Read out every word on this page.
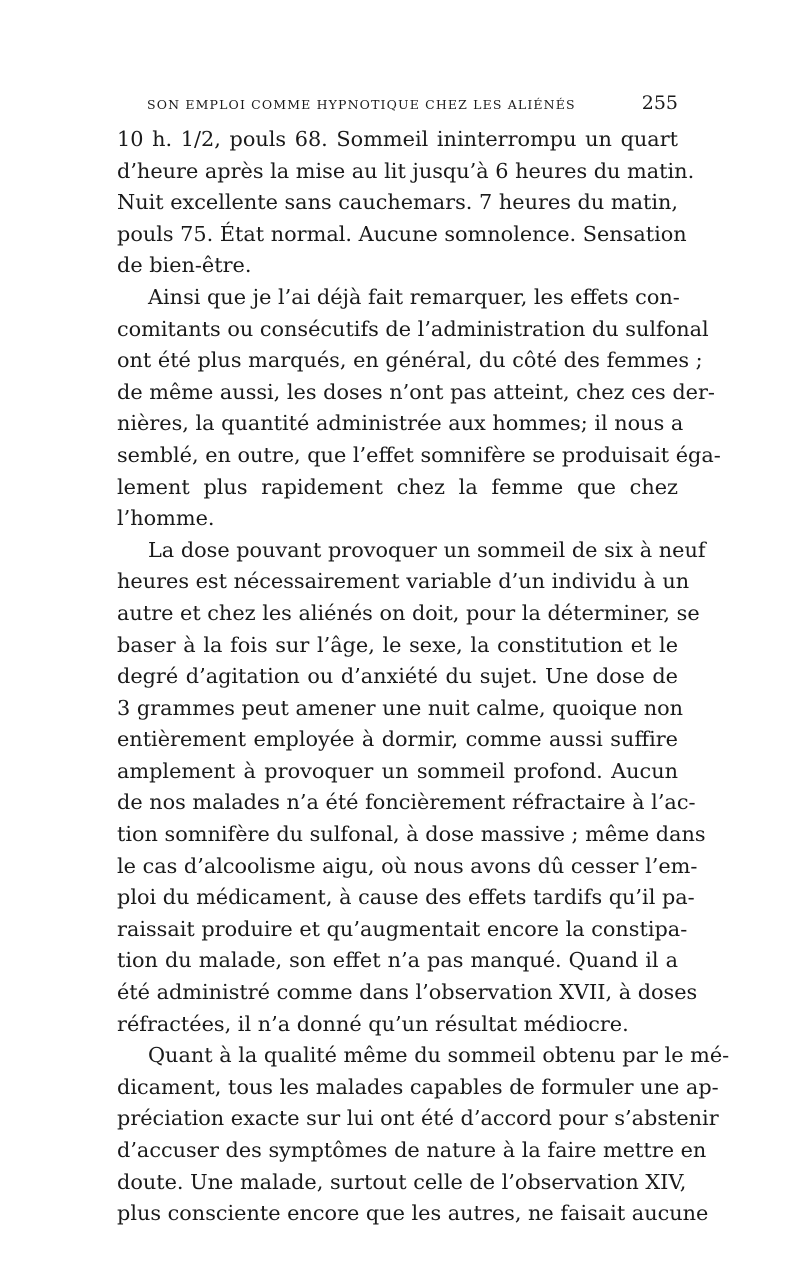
SON EMPLOI COMME HYPNOTIQUE CHEZ LES ALIÉNÉS	255
10 h. 1/2, pouls 68. Sommeil ininterrompu un quart
d’heure après la mise au lit jusqu’à 6 heures du matin.
Nuit excellente sans cauchemars. 7 heures du matin,
pouls 75. État normal. Aucune somnolence. Sensation
de bien-être.
Ainsi que je l’ai déjà fait remarquer, les effets con-
comitants ou consécutifs de l’administration du sulfonal
ont été plus marqués, en général, du côté des femmes ;
de même aussi, les doses n’ont pas atteint, chez ces der-
nières, la quantité administrée aux hommes; il nous a
semblé, en outre, que l’effet somnifère se produisait éga-
lement plus rapidement chez la femme que chez
l’homme.
La dose pouvant provoquer un sommeil de six à neuf
heures est nécessairement variable d’un individu à un
autre et chez les aliénés on doit, pour la déterminer, se
baser à la fois sur l’âge, le sexe, la constitution et le
degré d’agitation ou d’anxiété du sujet. Une dose de
3 grammes peut amener une nuit calme, quoique non
entièrement employée à dormir, comme aussi suffire
amplement à provoquer un sommeil profond. Aucun
de nos malades n’a été foncièrement réfractaire à l’ac-
tion somnifère du sulfonal, à dose massive ; même dans
le cas d’alcoolisme aigu, où nous avons dû cesser l’em-
ploi du médicament, à cause des effets tardifs qu’il pa-
raissait produire et qu’augmentait encore la constipa-
tion du malade, son effet n’a pas manqué. Quand il a
été administré comme dans l’observation XVII, à doses
réfractées, il n’a donné qu’un résultat médiocre.
Quant à la qualité même du sommeil obtenu par le mé-
dicament, tous les malades capables de formuler une ap-
préciation exacte sur lui ont été d’accord pour s’abstenir
d’accuser des symptômes de nature à la faire mettre en
doute. Une malade, surtout celle de l’observation XIV,
plus consciente encore que les autres, ne faisait aucune
